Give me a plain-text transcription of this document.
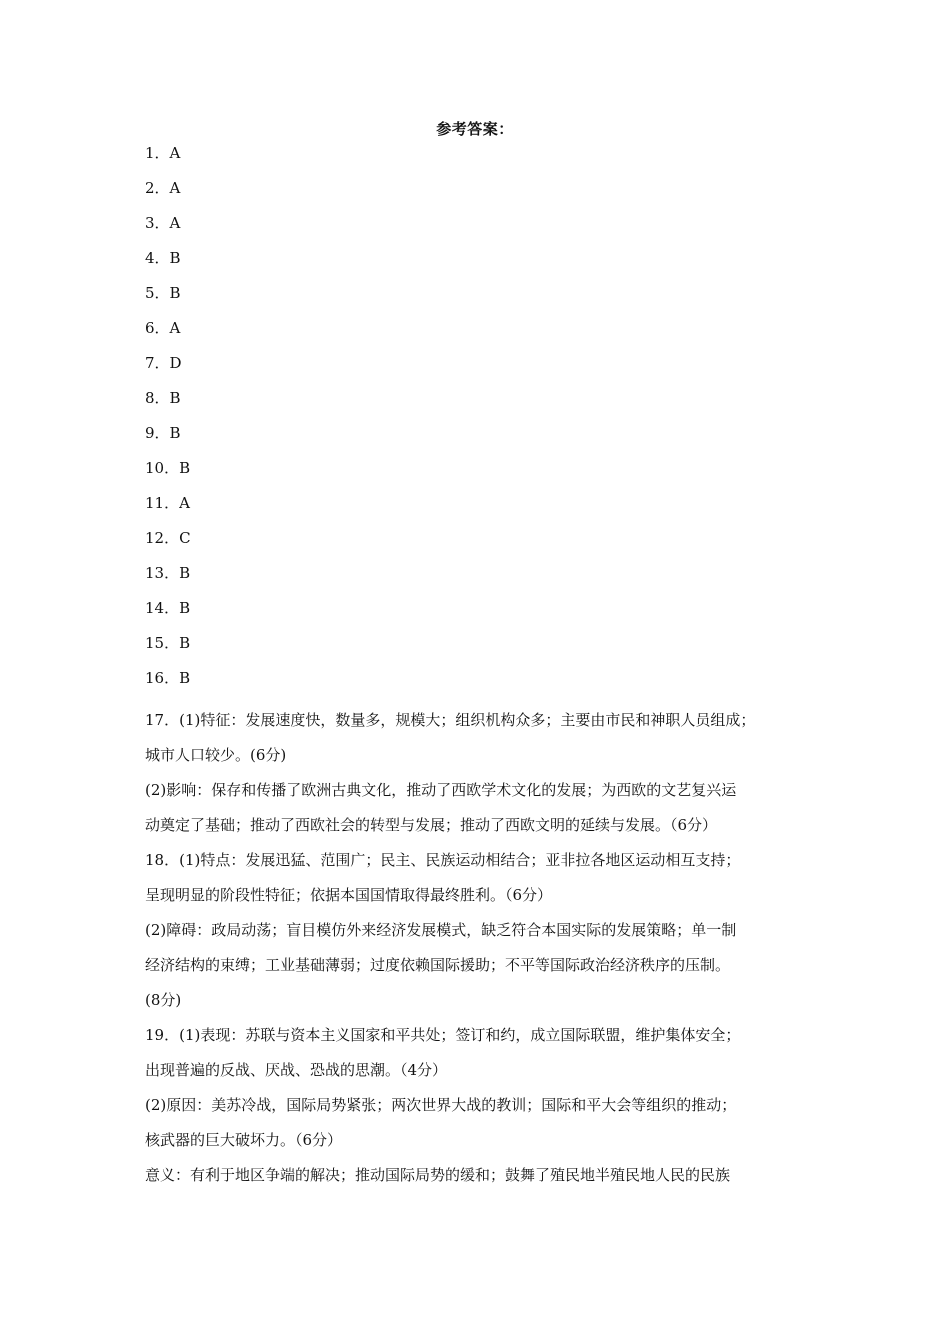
参考答案：
1．A
2．A
3．A
4．B
5．B
6．A
7．D
8．B
9．B
10．B
11．A
12．C
13．B
14．B
15．B
16．B

17．(1)特征：发展速度快，数量多，规模大；组织机构众多；主要由市民和神职人员组成；

城市人口较少。(6分)

(2)影响：保存和传播了欧洲古典文化，推动了西欧学术文化的发展；为西欧的文艺复兴运

动奠定了基础；推动了西欧社会的转型与发展；推动了西欧文明的延续与发展。（6分）

18．(1)特点：发展迅猛、范围广；民主、民族运动相结合；亚非拉各地区运动相互支持；

呈现明显的阶段性特征；依据本国国情取得最终胜利。（6分）

(2)障碍：政局动荡；盲目模仿外来经济发展模式，缺乏符合本国实际的发展策略；单一制

经济结构的束缚；工业基础薄弱；过度依赖国际援助；不平等国际政治经济秩序的压制。

(8分)

19．(1)表现：苏联与资本主义国家和平共处；签订和约，成立国际联盟，维护集体安全；

出现普遍的反战、厌战、恐战的思潮。（4分）

(2)原因：美苏冷战，国际局势紧张；两次世界大战的教训；国际和平大会等组织的推动；

核武器的巨大破坏力。（6分）

意义：有利于地区争端的解决；推动国际局势的缓和；鼓舞了殖民地半殖民地人民的民族
